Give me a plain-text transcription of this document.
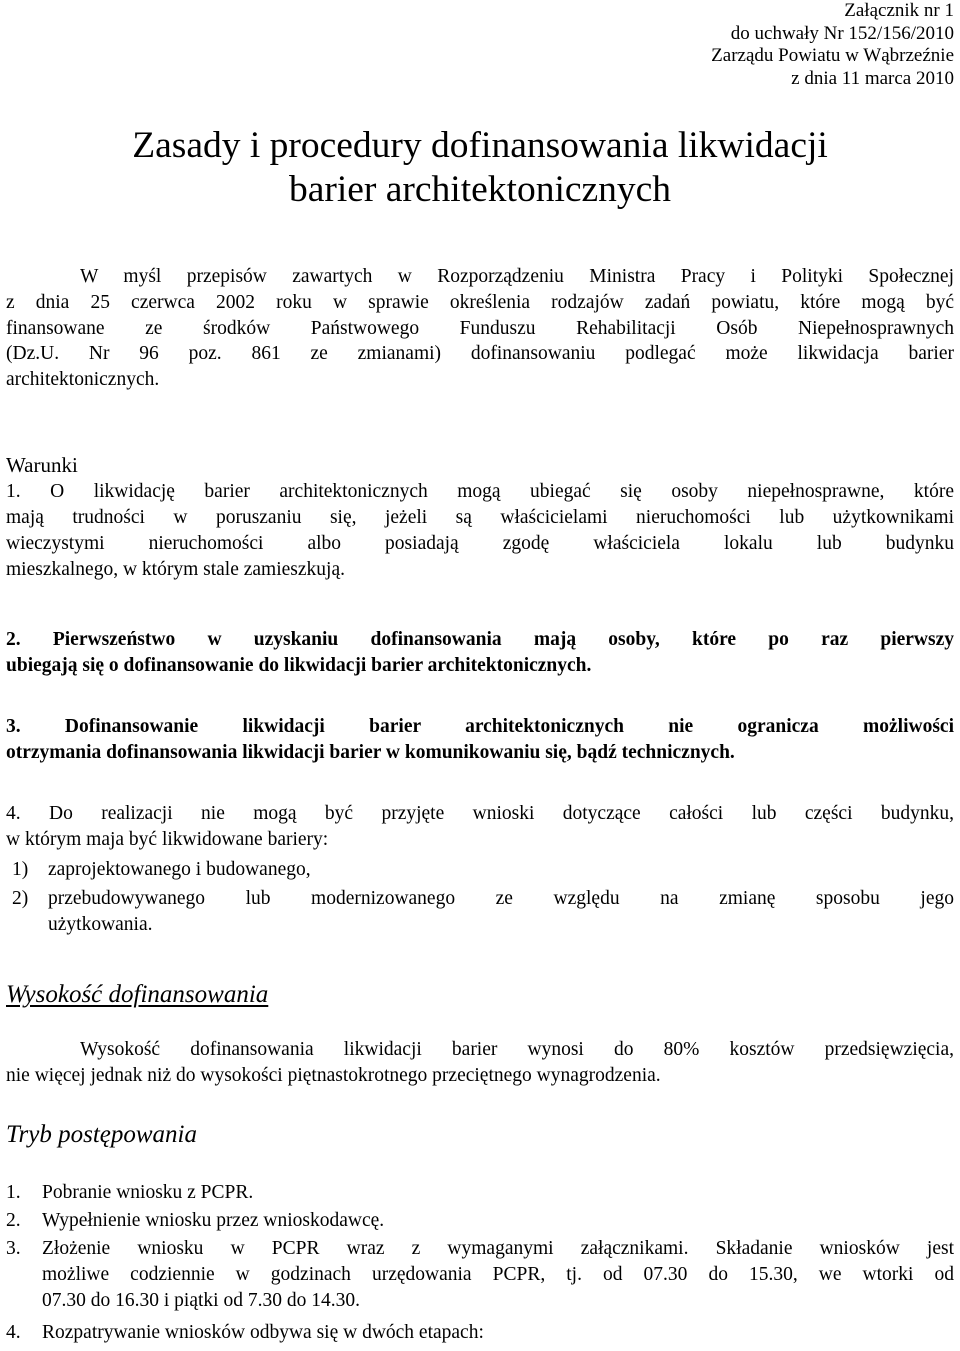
Załącznik nr 1
do uchwały Nr 152/156/2010
Zarządu Powiatu w Wąbrzeźnie
z dnia 11 marca 2010
Zasady i procedury dofinansowania likwidacji
barier architektonicznych
W myśl przepisów zawartych w Rozporządzeniu Ministra Pracy i Polityki Społecznej
z dnia 25 czerwca 2002 roku w sprawie określenia rodzajów zadań powiatu, które mogą być
finansowane ze środków Państwowego Funduszu Rehabilitacji Osób Niepełnosprawnych
(Dz.U. Nr 96 poz. 861 ze zmianami) dofinansowaniu podlegać może likwidacja barier
architektonicznych.
Warunki
1. O likwidację barier architektonicznych mogą ubiegać się osoby niepełnosprawne, które
mają trudności w poruszaniu się, jeżeli są właścicielami nieruchomości lub użytkownikami
wieczystymi nieruchomości albo posiadają zgodę właściciela lokalu lub budynku
mieszkalnego, w którym stale zamieszkują.
2. Pierwszeństwo w uzyskaniu dofinansowania mają osoby, które po raz pierwszy
ubiegają się o dofinansowanie do likwidacji barier architektonicznych.
3. Dofinansowanie likwidacji barier architektonicznych nie ogranicza możliwości
otrzymania dofinansowania likwidacji barier w komunikowaniu się, bądź technicznych.
4. Do realizacji nie mogą być przyjęte wnioski dotyczące całości lub części budynku,
w którym maja być likwidowane bariery:
1) zaprojektowanego i budowanego,
2) przebudowywanego lub modernizowanego ze względu na zmianę sposobu jego
użytkowania.
Wysokość dofinansowania
Wysokość dofinansowania likwidacji barier wynosi do 80% kosztów przedsięwzięcia,
nie więcej jednak niż do wysokości piętnastokrotnego przeciętnego wynagrodzenia.
Tryb postępowania
1. Pobranie wniosku z PCPR.
2. Wypełnienie wniosku przez wnioskodawcę.
3. Złożenie wniosku w PCPR wraz z wymaganymi załącznikami. Składanie wniosków jest
możliwe codziennie w godzinach urzędowania PCPR, tj. od 07.30 do 15.30, we wtorki od
07.30 do 16.30 i piątki od 7.30 do 14.30.
4. Rozpatrywanie wniosków odbywa się w dwóch etapach:
